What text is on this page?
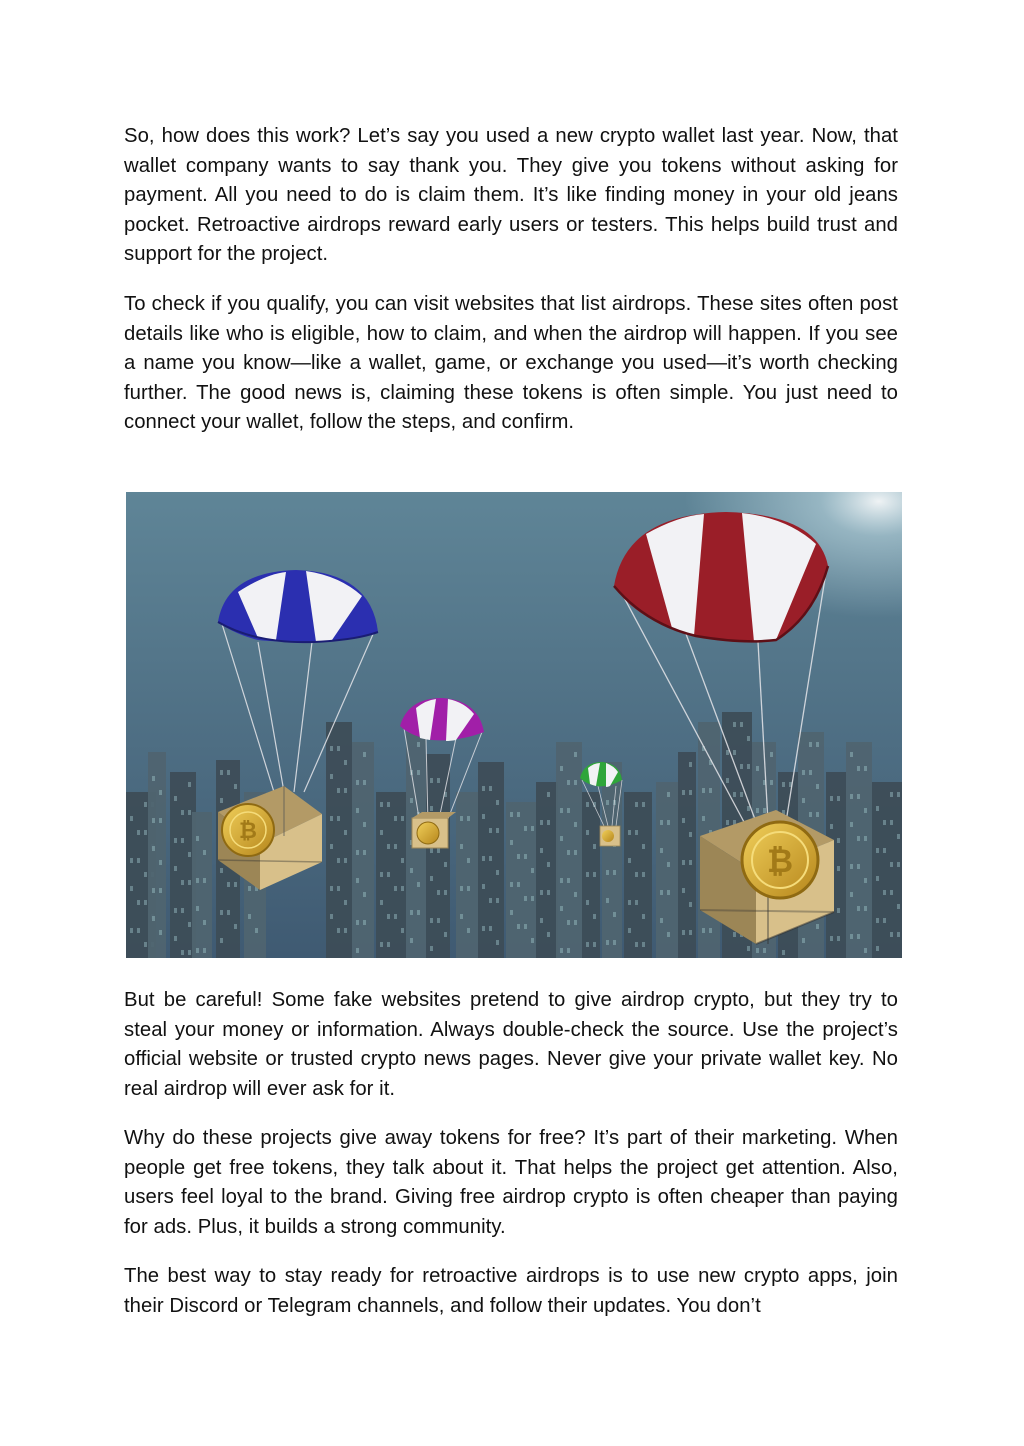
So, how does this work? Let’s say you used a new crypto wallet last year. Now, that wallet company wants to say thank you. They give you tokens without asking for payment. All you need to do is claim them. It’s like finding money in your old jeans pocket. Retroactive airdrops reward early users or testers. This helps build trust and support for the project.

To check if you qualify, you can visit websites that list airdrops. These sites often post details like who is eligible, how to claim, and when the airdrop will happen. If you see a name you know—like a wallet, game, or exchange you used—it’s worth checking further. The good news is, claiming these tokens is often simple. You just need to connect your wallet, follow the steps, and confirm.

₿
₿

But be careful! Some fake websites pretend to give airdrop crypto, but they try to steal your money or information. Always double-check the source. Use the project’s official website or trusted crypto news pages. Never give your private wallet key. No real airdrop will ever ask for it.

Why do these projects give away tokens for free? It’s part of their marketing. When people get free tokens, they talk about it. That helps the project get attention. Also, users feel loyal to the brand. Giving free airdrop crypto is often cheaper than paying for ads. Plus, it builds a strong community.

The best way to stay ready for retroactive airdrops is to use new crypto apps, join their Discord or Telegram channels, and follow their updates. You don’t
